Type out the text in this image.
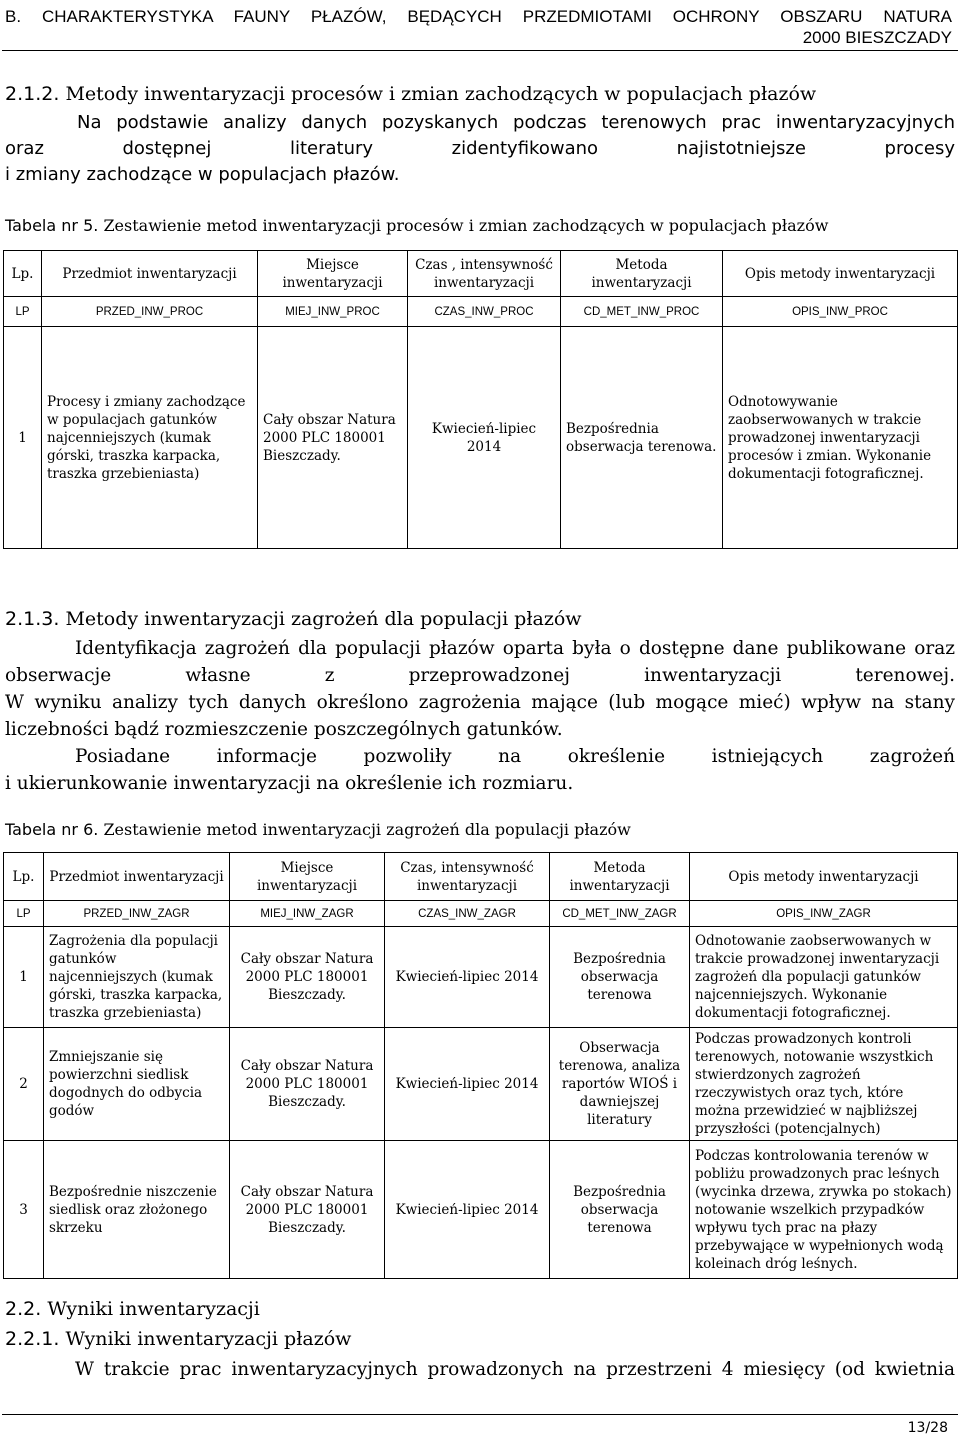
B. CHARAKTERYSTYKA FAUNY PŁAZÓW, BĘDĄCYCH PRZEDMIOTAMI OCHRONY OBSZARU NATURA
2000 BIESZCZADY
2.1.2. Metody inwentaryzacji procesów i zmian zachodzących w populacjach płazów
Na podstawie analizy danych pozyskanych podczas terenowych prac inwentaryzacyjnych
oraz dostępnej literatury zidentyfikowano najistotniejsze procesy
i zmiany zachodzące w populacjach płazów.
Tabela nr 5. Zestawienie metod inwentaryzacji procesów i zmian zachodzących w populacjach płazów
Lp.	Przedmiot inwentaryzacji	Miejsce inwentaryzacji	Czas , intensywność inwentaryzacji	Metoda inwentaryzacji	Opis metody inwentaryzacji
LP	PRZED_INW_PROC	MIEJ_INW_PROC	CZAS_INW_PROC	CD_MET_INW_PROC	OPIS_INW_PROC
1	Procesy i zmiany zachodzące w populacjach gatunków najcenniejszych (kumak górski, traszka karpacka, traszka grzebieniasta)	Cały obszar Natura 2000 PLC 180001 Bieszczady.	Kwiecień-lipiec 2014	Bezpośrednia obserwacja terenowa.	Odnotowywanie zaobserwowanych w trakcie prowadzonej inwentaryzacji procesów i zmian. Wykonanie dokumentacji fotograficznej.
2.1.3. Metody inwentaryzacji zagrożeń dla populacji płazów
Identyfikacja zagrożeń dla populacji płazów oparta była o dostępne dane publikowane oraz
obserwacje własne z przeprowadzonej inwentaryzacji terenowej.
W wyniku analizy tych danych określono zagrożenia mające (lub mogące mieć) wpływ na stany
liczebności bądź rozmieszczenie poszczególnych gatunków.
Posiadane informacje pozwoliły na określenie istniejących zagrożeń
i ukierunkowanie inwentaryzacji na określenie ich rozmiaru.
Tabela nr 6. Zestawienie metod inwentaryzacji zagrożeń dla populacji płazów
Lp.	Przedmiot inwentaryzacji	Miejsce inwentaryzacji	Czas, intensywność inwentaryzacji	Metoda inwentaryzacji	Opis metody inwentaryzacji
LP	PRZED_INW_ZAGR	MIEJ_INW_ZAGR	CZAS_INW_ZAGR	CD_MET_INW_ZAGR	OPIS_INW_ZAGR
1	Zagrożenia dla populacji gatunków najcenniejszych (kumak górski, traszka karpacka, traszka grzebieniasta)	Cały obszar Natura 2000 PLC 180001 Bieszczady.	Kwiecień-lipiec 2014	Bezpośrednia obserwacja terenowa	Odnotowanie zaobserwowanych w trakcie prowadzonej inwentaryzacji zagrożeń dla populacji gatunków najcenniejszych. Wykonanie dokumentacji fotograficznej.
2	Zmniejszanie się powierzchni siedlisk dogodnych do odbycia godów	Cały obszar Natura 2000 PLC 180001 Bieszczady.	Kwiecień-lipiec 2014	Obserwacja terenowa, analiza raportów WIOŚ i dawniejszej literatury	Podczas prowadzonych kontroli terenowych, notowanie wszystkich stwierdzonych zagrożeń rzeczywistych oraz tych, które można przewidzieć w najbliższej przyszłości (potencjalnych)
3	Bezpośrednie niszczenie siedlisk oraz złożonego skrzeku	Cały obszar Natura 2000 PLC 180001 Bieszczady.	Kwiecień-lipiec 2014	Bezpośrednia obserwacja terenowa	Podczas kontrolowania terenów w pobliżu prowadzonych prac leśnych (wycinka drzewa, zrywka po stokach) notowanie wszelkich przypadków wpływu tych prac na płazy przebywające w wypełnionych wodą koleinach dróg leśnych.
2.2. Wyniki inwentaryzacji
2.2.1. Wyniki inwentaryzacji płazów
W trakcie prac inwentaryzacyjnych prowadzonych na przestrzeni 4 miesięcy (od kwietnia
13/28
